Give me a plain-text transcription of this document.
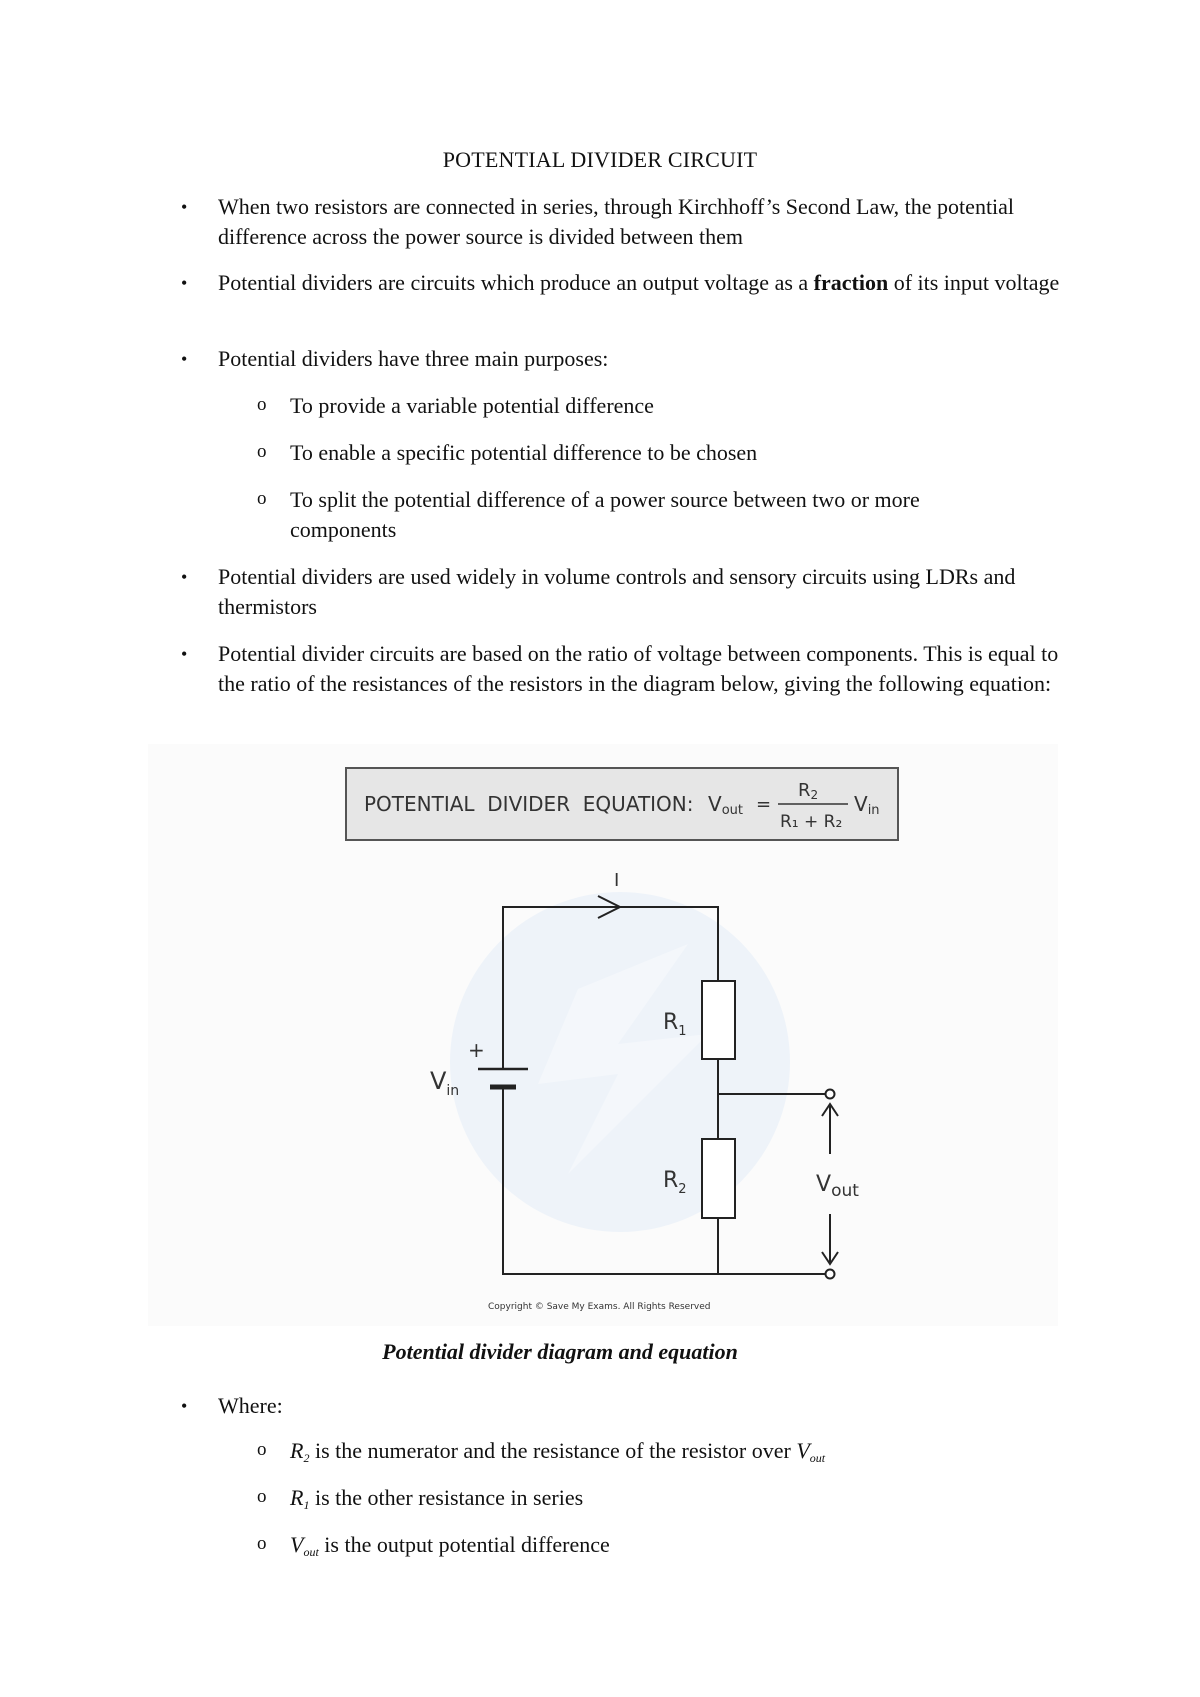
POTENTIAL DIVIDER CIRCUIT
• When two resistors are connected in series, through Kirchhoff’s Second Law, the potential difference across the power source is divided between them
• Potential dividers are circuits which produce an output voltage as a fraction of its input voltage
• Potential dividers have three main purposes:
o To provide a variable potential difference
o To enable a specific potential difference to be chosen
o To split the potential difference of a power source between two or more components
• Potential dividers are used widely in volume controls and sensory circuits using LDRs and thermistors
• Potential divider circuits are based on the ratio of voltage between components. This is equal to the ratio of the resistances of the resistors in the diagram below, giving the following equation:
POTENTIAL  DIVIDER  EQUATION: Vout =
R2
R₁ + R₂
Vin
I
$R_1$
$R_2$
+
$V_{in}$
$V_{out}$
Copyright © Save My Exams. All Rights Reserved
Potential divider diagram and equation
• Where:
o $R_2$ is the numerator and the resistance of the resistor over $V_{out}$
o $R_1$ is the other resistance in series
o $V_{out}$ is the output potential difference
